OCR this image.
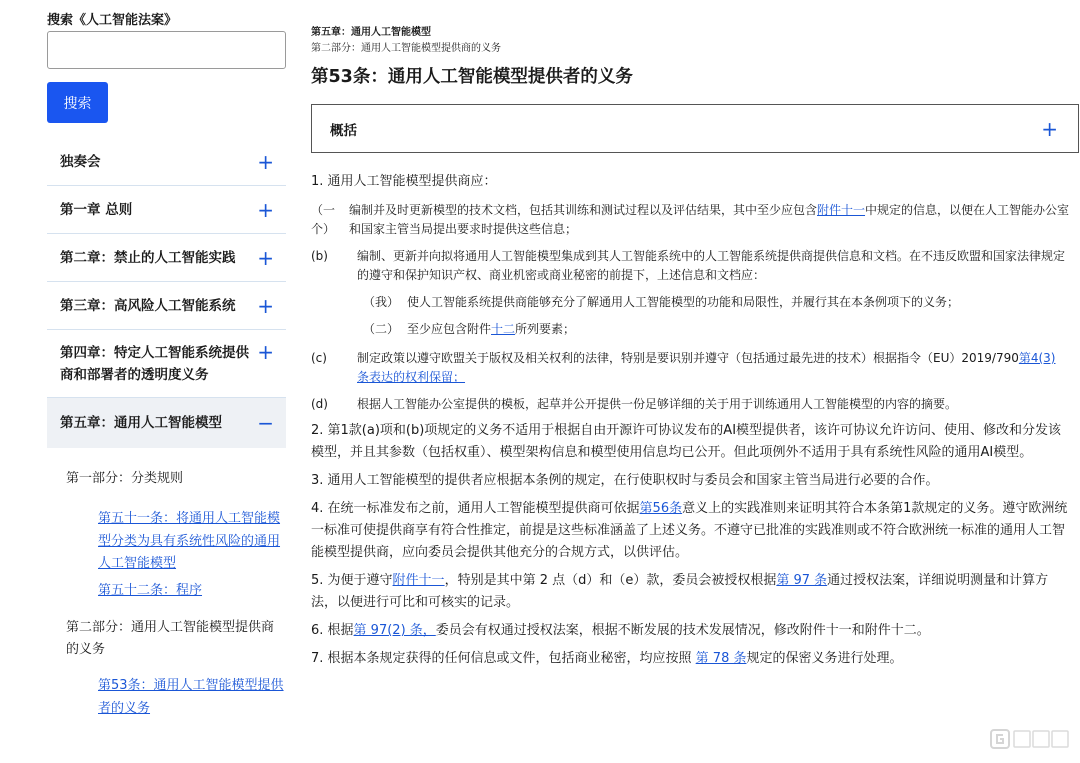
搜索《人工智能法案》
搜索
独奏会	+
第一章 总则	+
第二章：禁止的人工智能实践 +
第三章：高风险人工智能系统 +
第四章：特定人工智能系统提供商和部署者的透明度义务
+
第五章：通用人工智能模型 −
第一部分：分类规则
第五十一条：将通用人工智能模型分类为具有系统性风险的通用人工智能模型
第五十二条：程序
第二部分：通用人工智能模型提供商的义务
第53条：通用人工智能模型提供者的义务
第五章：通用人工智能模型
第二部分：通用人工智能模型提供商的义务
第53条：通用人工智能模型提供者的义务
概括	+

1. 通用人工智能模型提供商应：

（一个）
编制并及时更新模型的技术文档，包括其训练和测试过程以及评估结果，其中至少应包含附件十一中规定的信息，以便在人工智能办公室和国家主管当局提出要求时提供这些信息；
(b)	编制、更新并向拟将通用人工智能模型集成到其人工智能系统中的人工智能系统提供商提供信息和文档。在不违反欧盟和国家法律规定的遵守和保护知识产权、商业机密或商业秘密的前提下，上述信息和文档应：
（我） 使人工智能系统提供商能够充分了解通用人工智能模型的功能和局限性，并履行其在本条例项下的义务；
（二） 至少应包含附件十二所列要素；
(c)	制定政策以遵守欧盟关于版权及相关权利的法律，特别是要识别并遵守（包括通过最先进的技术）根据指令（EU）2019/790第4(3) 条表达的权利保留；
(d)	根据人工智能办公室提供的模板，起草并公开提供一份足够详细的关于用于训练通用人工智能模型的内容的摘要。

2. 第1款(a)项和(b)项规定的义务不适用于根据自由开源许可协议发布的AI模型提供者，该许可协议允许访问、使用、修改和分发该模型，并且其参数（包括权重）、模型架构信息和模型使用信息均已公开。但此项例外不适用于具有系统性风险的通用AI模型。

3. 通用人工智能模型的提供者应根据本条例的规定，在行使职权时与委员会和国家主管当局进行必要的合作。

4. 在统一标准发布之前，通用人工智能模型提供商可依据第56条意义上的实践准则来证明其符合本条第1款规定的义务。遵守欧洲统一标准可使提供商享有符合性推定，前提是这些标准涵盖了上述义务。不遵守已批准的实践准则或不符合欧洲统一标准的通用人工智能模型提供商，应向委员会提供其他充分的合规方式，以供评估。

5. 为便于遵守附件十一，特别是其中第 2 点（d）和（e）款，委员会被授权根据第 97 条通过授权法案，详细说明测量和计算方法，以便进行可比和可核实的记录。

6. 根据第 97(2) 条，委员会有权通过授权法案，根据不断发展的技术发展情况，修改附件十一和附件十二。

7. 根据本条规定获得的任何信息或文件，包括商业秘密，均应按照 第 78 条规定的保密义务进行处理。
